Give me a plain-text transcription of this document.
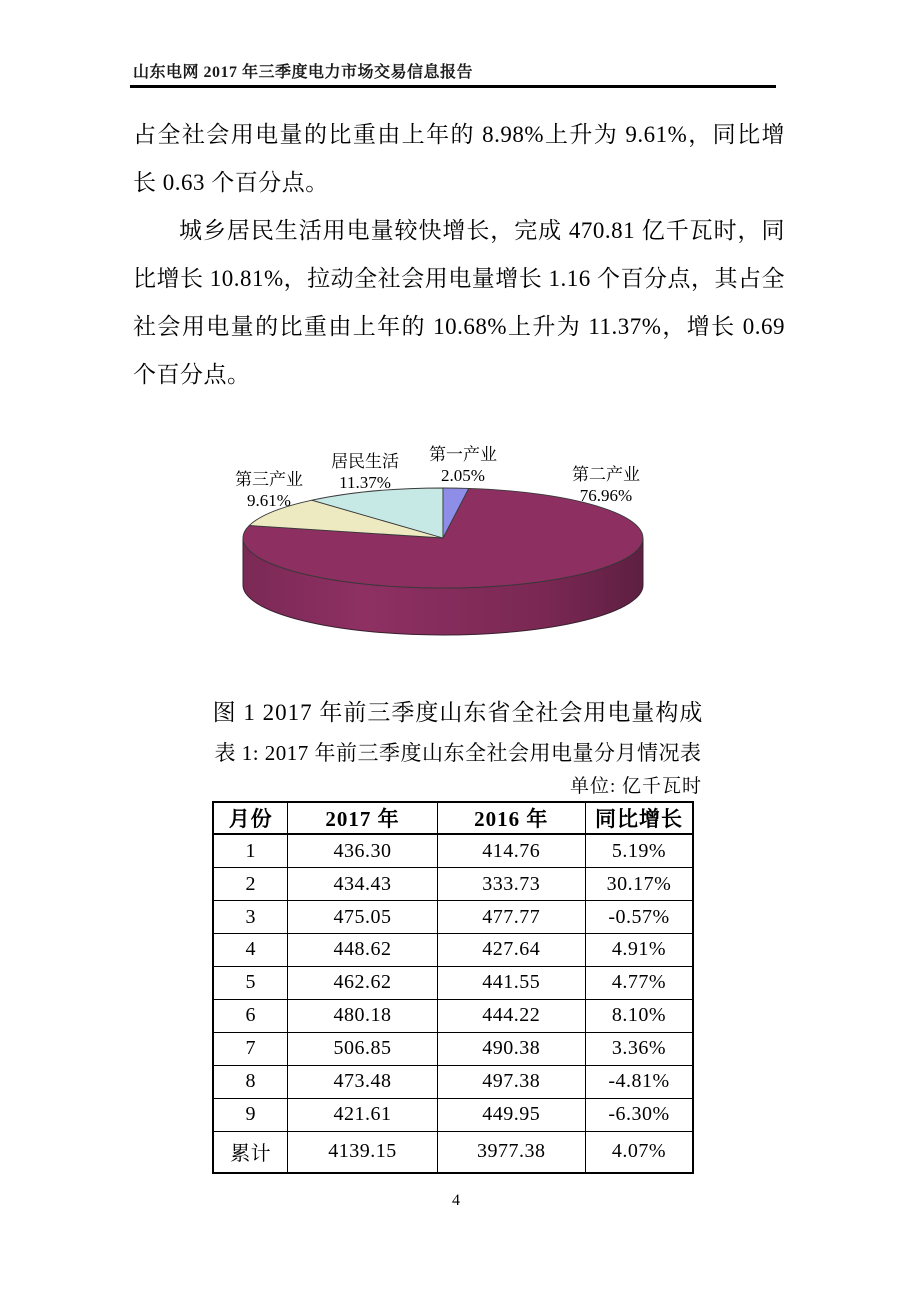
山东电网 2017 年三季度电力市场交易信息报告

占全社会用电量的比重由上年的 8.98%上升为 9.61%，同比增长 0.63 个百分点。

城乡居民生活用电量较快增长，完成 470.81 亿千瓦时，同比增长 10.81%，拉动全社会用电量增长 1.16 个百分点，其占全社会用电量的比重由上年的 10.68%上升为 11.37%，增长 0.69 个百分点。

第三产业
9.61%
居民生活
11.37%
第一产业
2.05%	第二产业
76.96%
图 1 2017 年前三季度山东省全社会用电量构成
表 1: 2017 年前三季度山东全社会用电量分月情况表
单位: 亿千瓦时
月份	2017 年	2016 年	同比增长
1	436.30	414.76	5.19%
2	434.43	333.73	30.17%
3	475.05	477.77	-0.57%
4	448.62	427.64	4.91%
5	462.62	441.55	4.77%
6	480.18	444.22	8.10%
7	506.85	490.38	3.36%
8	473.48	497.38	-4.81%
9	421.61	449.95	-6.30%
累计	4139.15	3977.38	4.07%
4
